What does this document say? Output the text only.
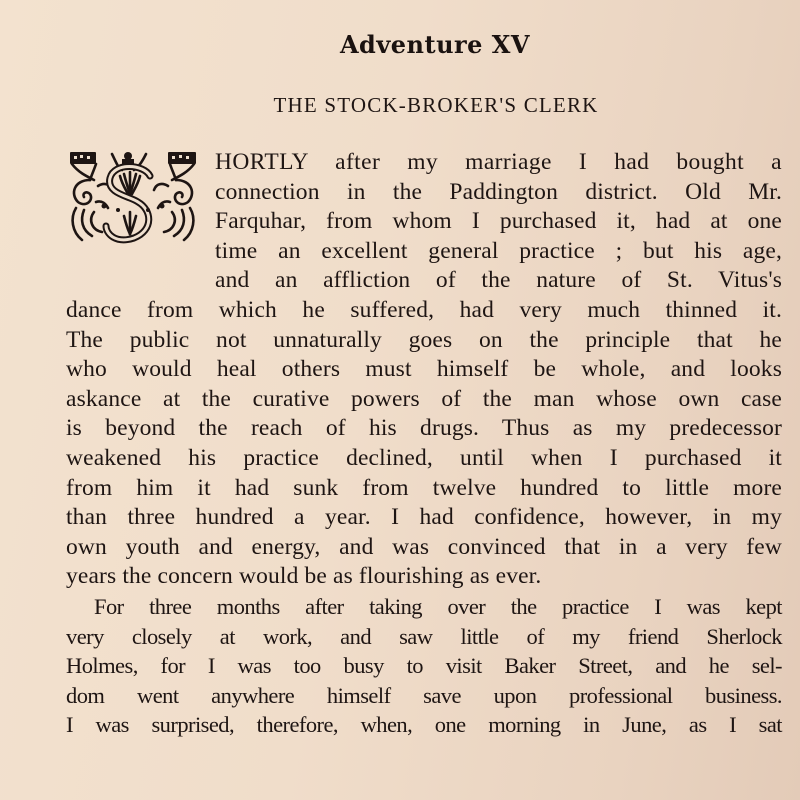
Adventure XV
THE STOCK-BROKER'S CLERK
HORTLY after my marriage I had bought a
connection in the Paddington district. Old Mr.
Farquhar, from whom I purchased it, had at one
time an excellent general practice ; but his age,
and an affliction of the nature of St. Vitus's
dance from which he suffered, had very much thinned it.
The public not unnaturally goes on the principle that he
who would heal others must himself be whole, and looks
askance at the curative powers of the man whose own case
is beyond the reach of his drugs. Thus as my predecessor
weakened his practice declined, until when I purchased it
from him it had sunk from twelve hundred to little more
than three hundred a year. I had confidence, however, in my
own youth and energy, and was convinced that in a very few
years the concern would be as flourishing as ever.
For three months after taking over the practice I was kept
very closely at work, and saw little of my friend Sherlock
Holmes, for I was too busy to visit Baker Street, and he sel-
dom went anywhere himself save upon professional business.
I was surprised, therefore, when, one morning in June, as I sat
